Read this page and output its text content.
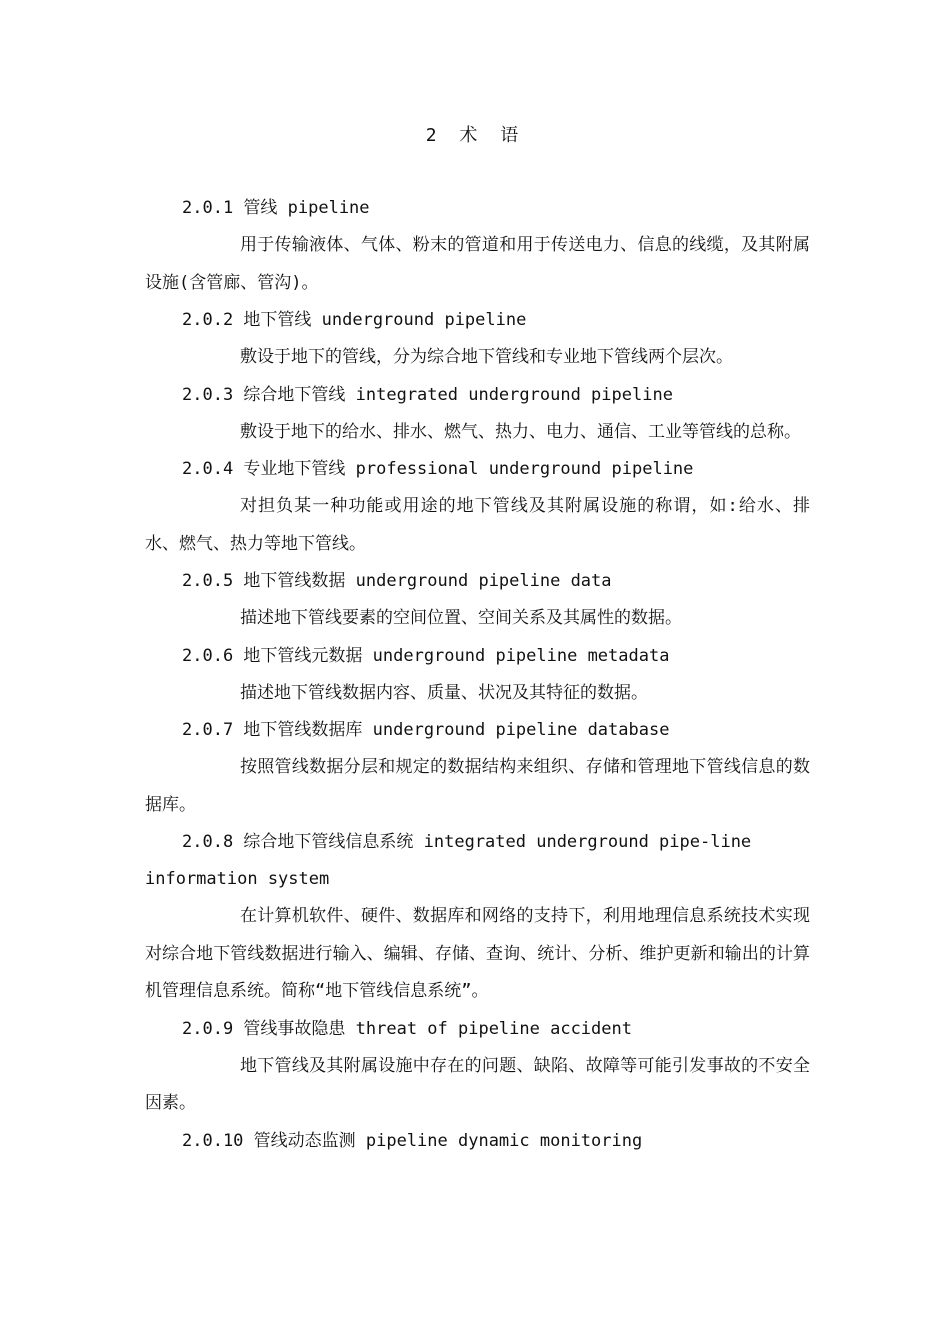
2 术 语

2.0.1 管线 pipeline

用于传输液体、气体、粉末的管道和用于传送电力、信息的线缆，及其附属设施(含管廊、管沟)。

2.0.2 地下管线 underground pipeline

敷设于地下的管线，分为综合地下管线和专业地下管线两个层次。

2.0.3 综合地下管线 integrated underground pipeline

敷设于地下的给水、排水、燃气、热力、电力、通信、工业等管线的总称。

2.0.4 专业地下管线 professional underground pipeline

对担负某一种功能或用途的地下管线及其附属设施的称谓，如:给水、排水、燃气、热力等地下管线。

2.0.5 地下管线数据 underground pipeline data

描述地下管线要素的空间位置、空间关系及其属性的数据。

2.0.6 地下管线元数据 underground pipeline metadata

描述地下管线数据内容、质量、状况及其特征的数据。

2.0.7 地下管线数据库 underground pipeline database

按照管线数据分层和规定的数据结构来组织、存储和管理地下管线信息的数据库。

2.0.8 综合地下管线信息系统 integrated underground pipe-line information system

在计算机软件、硬件、数据库和网络的支持下，利用地理信息系统技术实现对综合地下管线数据进行输入、编辑、存储、查询、统计、分析、维护更新和输出的计算机管理信息系统。简称“地下管线信息系统”。

2.0.9 管线事故隐患 threat of pipeline accident

地下管线及其附属设施中存在的问题、缺陷、故障等可能引发事故的不安全因素。

2.0.10 管线动态监测 pipeline dynamic monitoring
